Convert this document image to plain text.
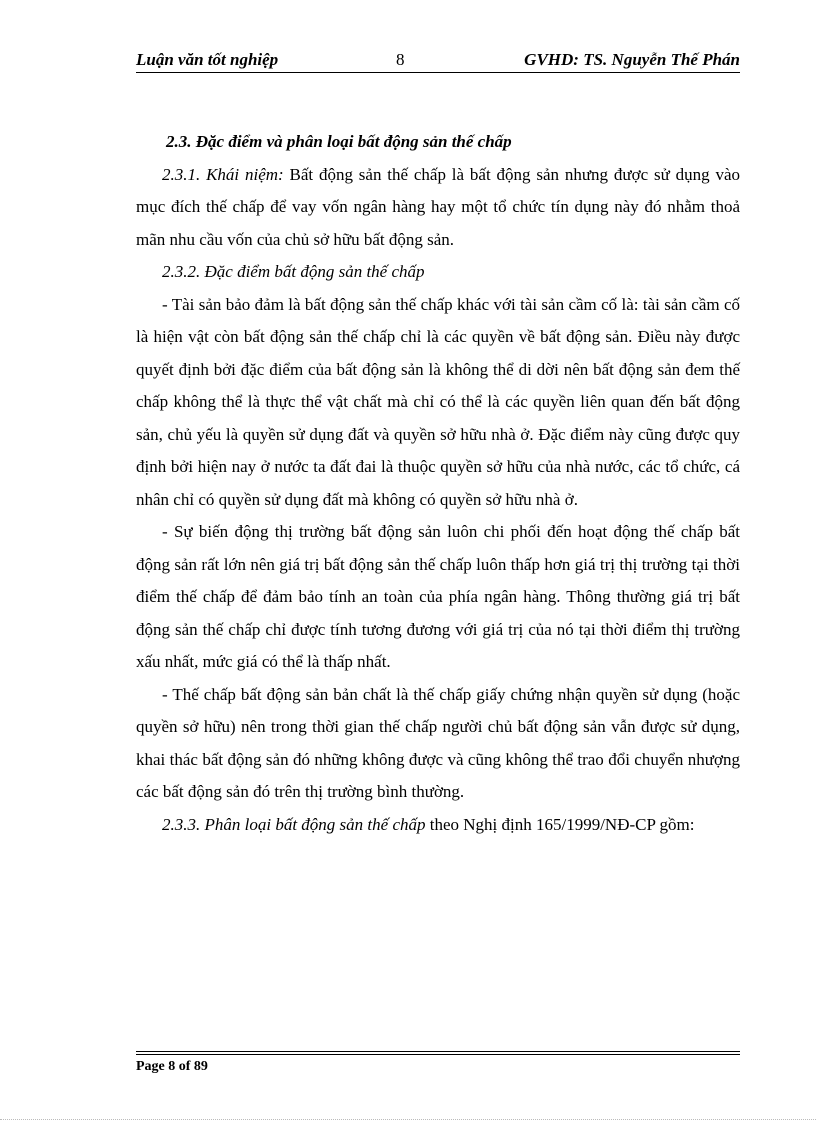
Luận văn tốt nghiệp	8	GVHD: TS. Nguyễn Thế Phán

2.3. Đặc điểm và phân loại bất động sản thế chấp

2.3.1. Khái niệm: Bất động sản thế chấp là bất động sản nhưng được sử dụng vào mục đích thế chấp để vay vốn ngân hàng hay một tổ chức tín dụng này đó nhằm thoả mãn nhu cầu vốn của chủ sở hữu bất động sản.

2.3.2. Đặc điểm bất động sản thế chấp

- Tài sản bảo đảm là bất động sản thế chấp khác với tài sản cầm cố là: tài sản cầm cố là hiện vật còn bất động sản thế chấp chỉ là các quyền về bất động sản. Điều này được quyết định bởi đặc điểm của bất động sản là không thể di dời nên bất động sản đem thế chấp không thể là thực thể vật chất mà chỉ có thể là các quyền liên quan đến bất động sản, chủ yếu là quyền sử dụng đất và quyền sở hữu nhà ở. Đặc điểm này cũng được quy định bởi hiện nay ở nước ta đất đai là thuộc quyền sở hữu của nhà nước, các tổ chức, cá nhân chỉ có quyền sử dụng đất mà không có quyền sở hữu nhà ở.

- Sự biến động thị trường bất động sản luôn chi phối đến hoạt động thế chấp bất động sản rất lớn nên giá trị bất động sản thế chấp luôn thấp hơn giá trị thị trường tại thời điểm thế chấp để đảm bảo tính an toàn của phía ngân hàng. Thông thường giá trị bất động sản thế chấp chỉ được tính tương đương với giá trị của nó tại thời điểm thị trường xấu nhất, mức giá có thể là thấp nhất.

- Thế chấp bất động sản bản chất là thế chấp giấy chứng nhận quyền sử dụng (hoặc quyền sở hữu) nên trong thời gian thế chấp người chủ bất động sản vẫn được sử dụng, khai thác bất động sản đó những không được và cũng không thể trao đổi chuyển nhượng các bất động sản đó trên thị trường bình thường.

2.3.3. Phân loại bất động sản thế chấp theo Nghị định 165/1999/NĐ-CP gồm:

Page 8 of 89
